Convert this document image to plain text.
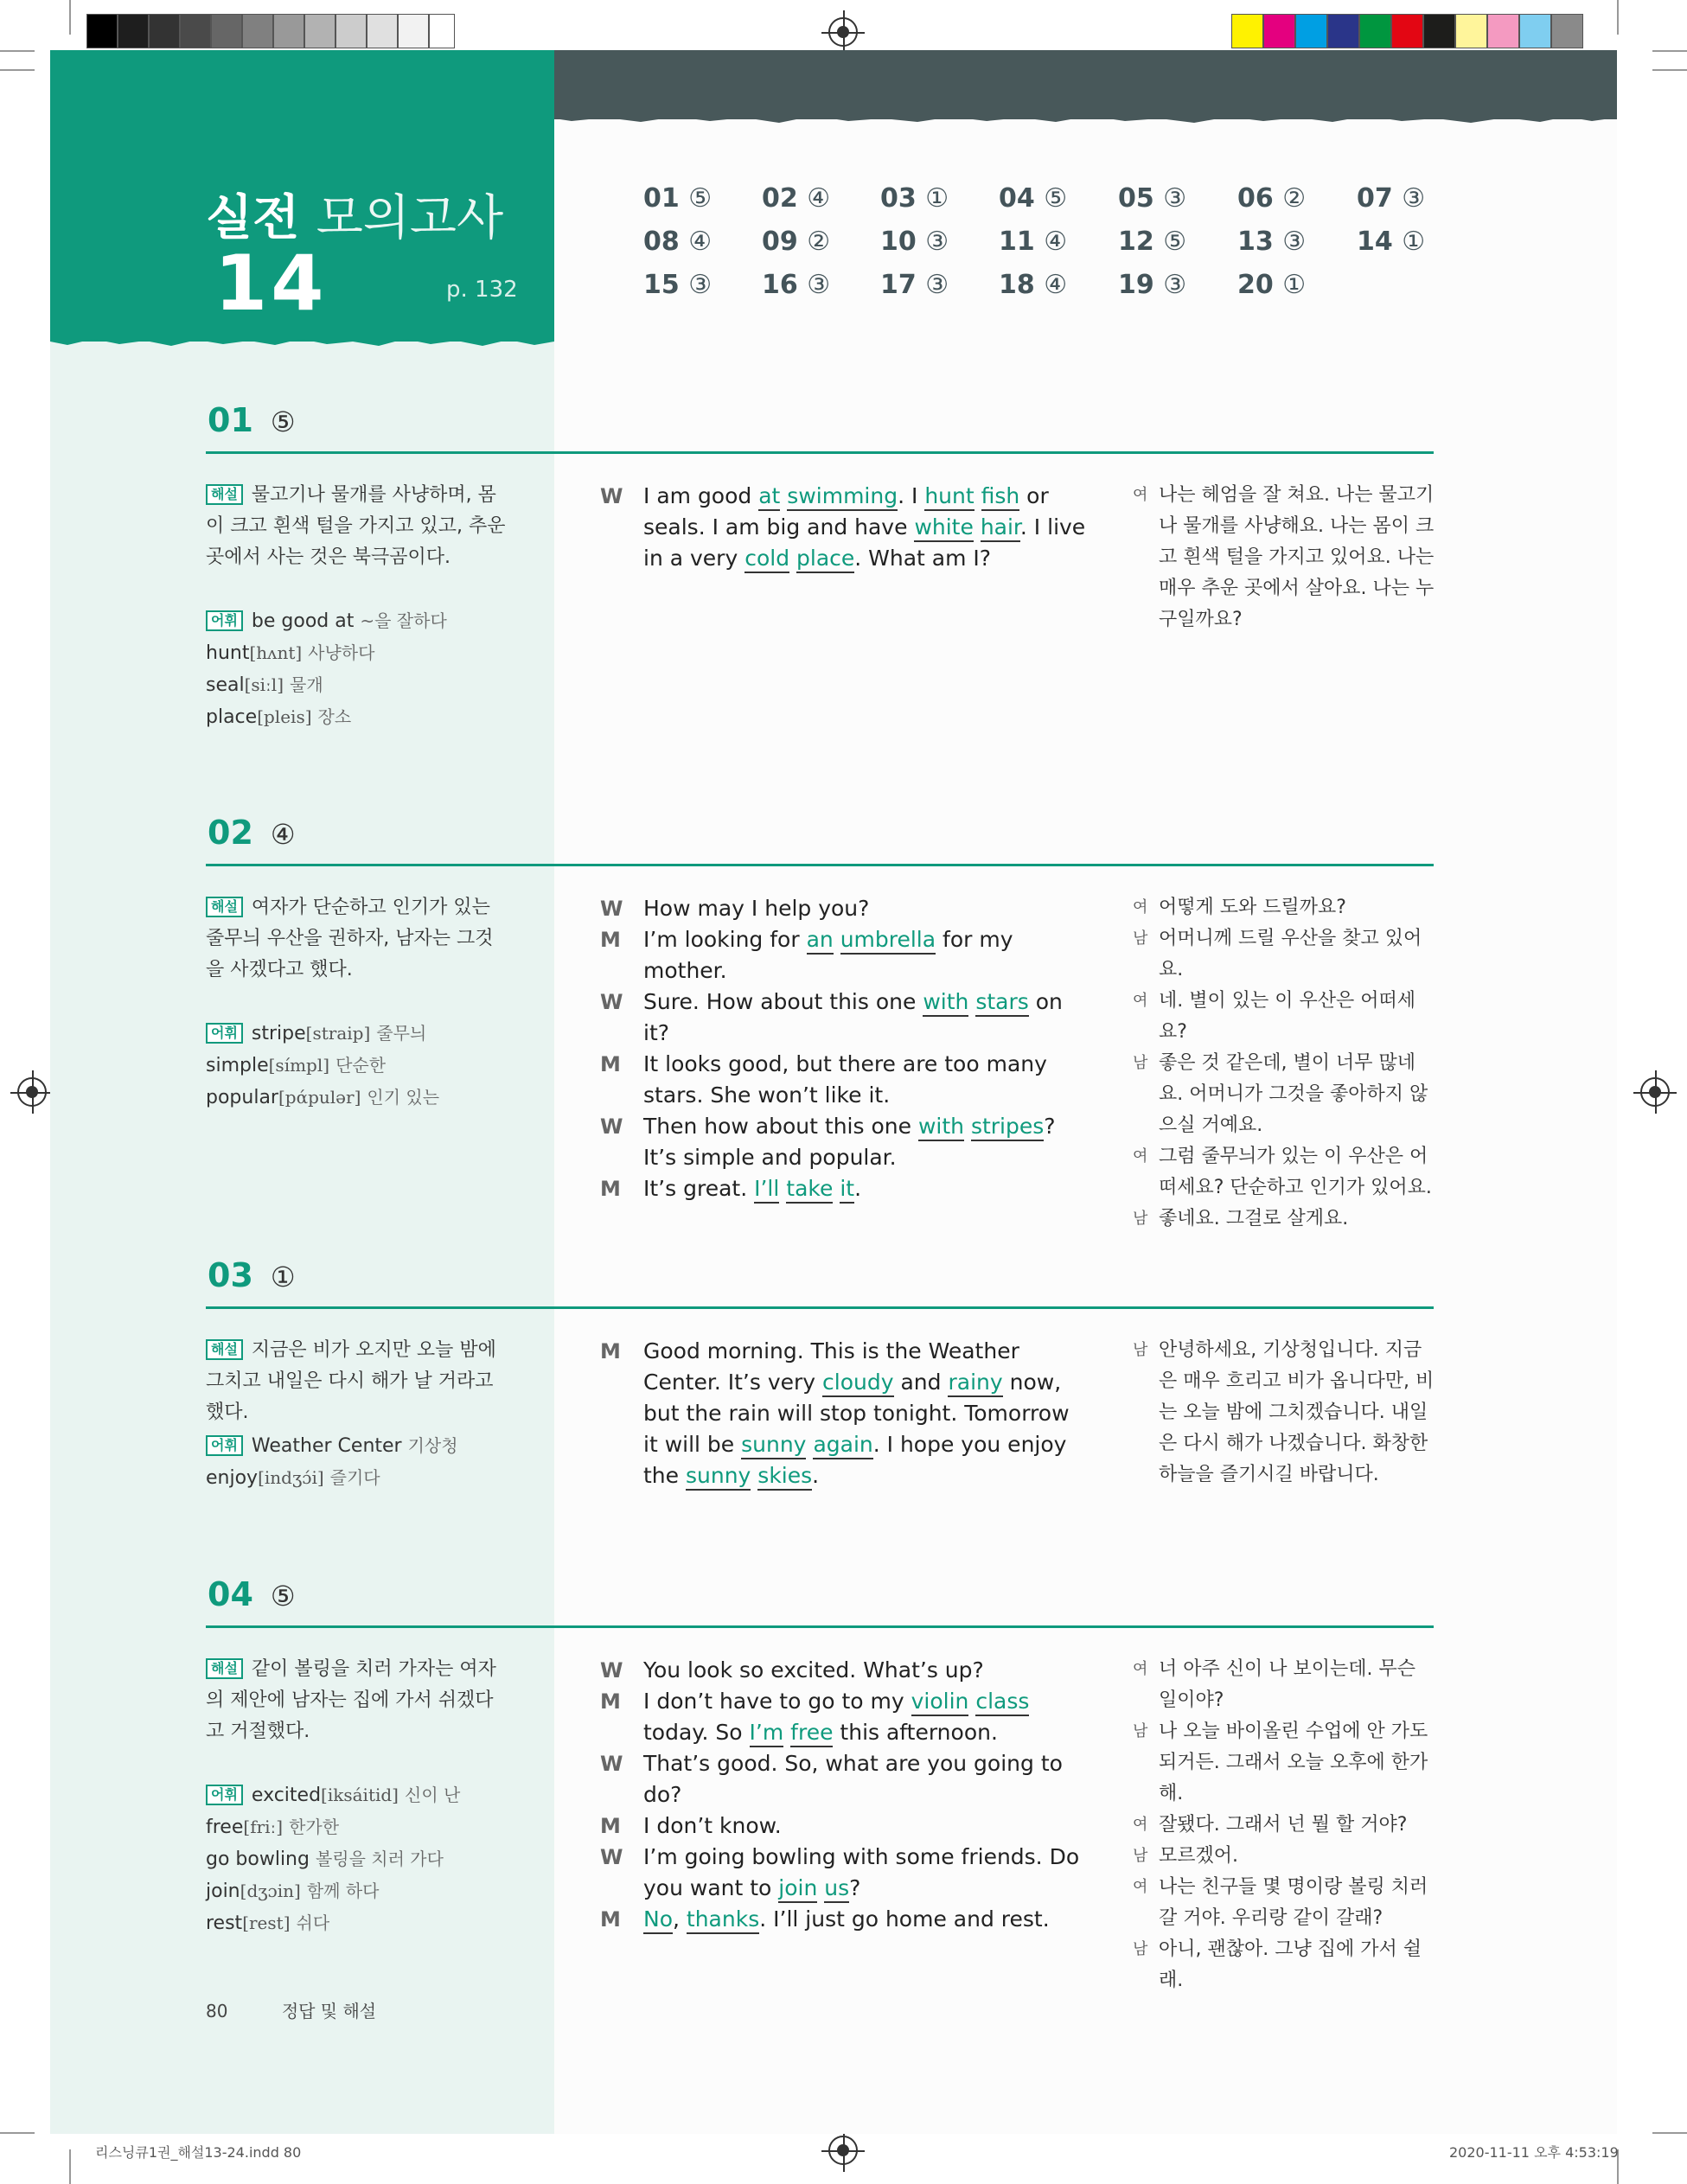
실전 모의고사
14	p. 132
01 ⑤ 02 ④ 03 ① 04 ⑤ 05 ③ 06 ② 07 ③
08 ④ 09 ② 10 ③ 11 ④ 12 ⑤ 13 ③ 14 ①
15 ③ 16 ③ 17 ③ 18 ④ 19 ③ 20 ①
01 ⑤
해설 물고기나 물개를 사냥하며, 몸이 크고 흰색 털을 가지고 있고, 추운 곳에서 사는 것은 북극곰이다.
어휘 be good at ~을 잘하다
hunt[hʌnt] 사냥하다
seal[siːl] 물개
place[pleis] 장소
W I am good at swimming. I hunt fish or seals. I am big and have white hair. I live in a very cold place. What am I?
여 나는 헤엄을 잘 쳐요. 나는 물고기나 물개를 사냥해요. 나는 몸이 크고 흰색 털을 가지고 있어요. 나는 매우 추운 곳에서 살아요. 나는 누구일까요?
02 ④
해설 여자가 단순하고 인기가 있는 줄무늬 우산을 권하자, 남자는 그것을 사겠다고 했다.
어휘 stripe[straip] 줄무늬
simple[símpl] 단순한
popular[pάpulər] 인기 있는
W How may I help you?
M I’m looking for an umbrella for my mother.
W Sure. How about this one with stars on it?
M It looks good, but there are too many stars. She won’t like it.
W Then how about this one with stripes? It’s simple and popular.
M It’s great. I’ll take it.
여 어떻게 도와 드릴까요?
남 어머니께 드릴 우산을 찾고 있어요.
여 네. 별이 있는 이 우산은 어떠세요?
남 좋은 것 같은데, 별이 너무 많네요. 어머니가 그것을 좋아하지 않으실 거예요.
여 그럼 줄무늬가 있는 이 우산은 어떠세요? 단순하고 인기가 있어요.
남 좋네요. 그걸로 살게요.
03 ①
해설 지금은 비가 오지만 오늘 밤에 그치고 내일은 다시 해가 날 거라고 했다.
어휘 Weather Center 기상청
enjoy[indʒɔ́i] 즐기다
M Good morning. This is the Weather Center. It’s very cloudy and rainy now, but the rain will stop tonight. Tomorrow it will be sunny again. I hope you enjoy the sunny skies.
남 안녕하세요, 기상청입니다. 지금은 매우 흐리고 비가 옵니다만, 비는 오늘 밤에 그치겠습니다. 내일은 다시 해가 나겠습니다. 화창한 하늘을 즐기시길 바랍니다.
04 ⑤
해설 같이 볼링을 치러 가자는 여자의 제안에 남자는 집에 가서 쉬겠다고 거절했다.
어휘 excited[iksáitid] 신이 난
free[friː] 한가한
go bowling 볼링을 치러 가다
join[dʒɔin] 함께 하다
rest[rest] 쉬다
W You look so excited. What’s up?
M I don’t have to go to my violin class today. So I’m free this afternoon.
W That’s good. So, what are you going to do?
M I don’t know.
W I’m going bowling with some friends. Do you want to join us?
M No, thanks. I’ll just go home and rest.
여 너 아주 신이 나 보이는데. 무슨 일이야?
남 나 오늘 바이올린 수업에 안 가도 되거든. 그래서 오늘 오후에 한가해.
여 잘됐다. 그래서 넌 뭘 할 거야?
남 모르겠어.
여 나는 친구들 몇 명이랑 볼링 치러 갈 거야. 우리랑 같이 갈래?
남 아니, 괜찮아. 그냥 집에 가서 쉴래.
80	정답 및 해설
리스닝큐1권_해설13-24.indd 80	2020-11-11 오후 4:53:19
